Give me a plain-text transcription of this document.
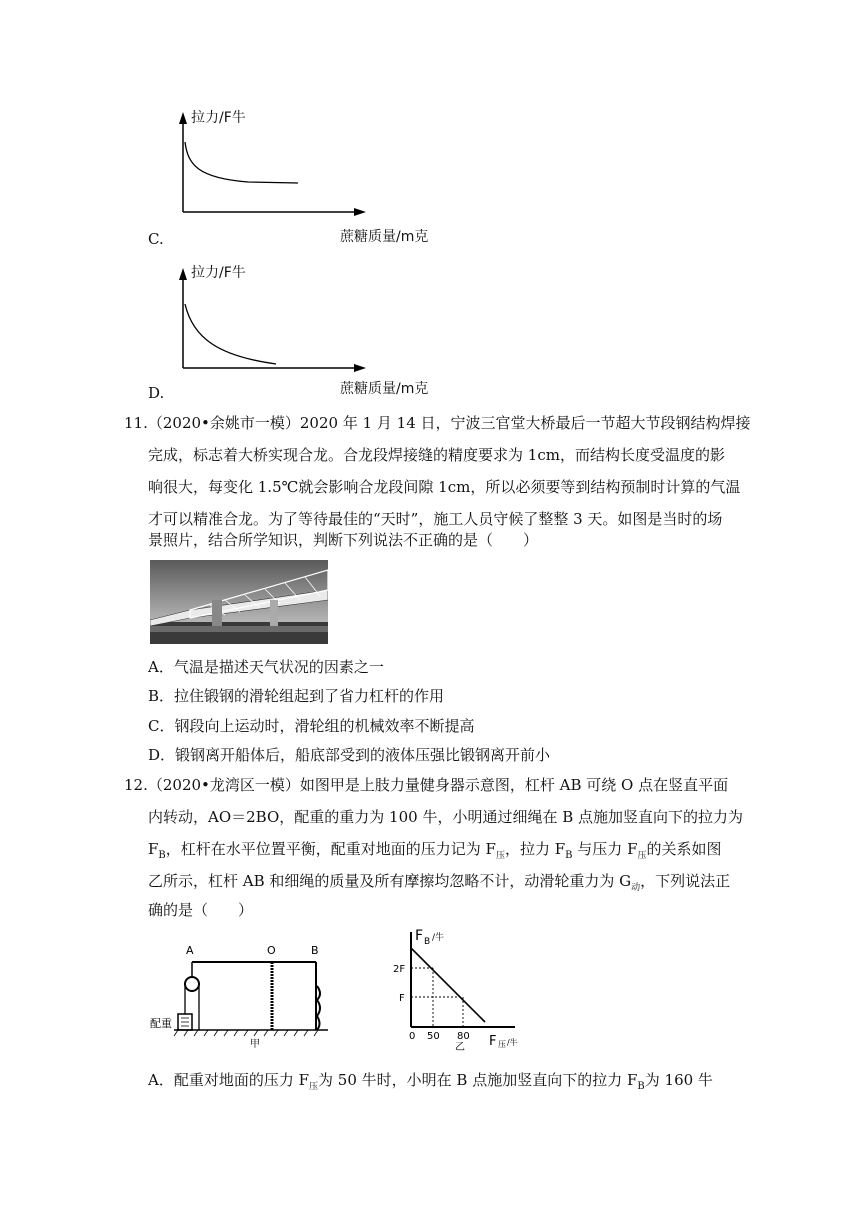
拉力/F牛
蔗糖质量/m克
C.
拉力/F牛
蔗糖质量/m克
D.
11.（2020•余姚市一模）2020 年 1 月 14 日，宁波三官堂大桥最后一节超大节段钢结构焊接
完成，标志着大桥实现合龙。合龙段焊接缝的精度要求为 1cm，而结构长度受温度的影
响很大，每变化 1.5℃就会影响合龙段间隙 1cm，所以必须要等到结构预制时计算的气温
才可以精准合龙。为了等待最佳的“天时”，施工人员守候了整整 3 天。如图是当时的场
景照片，结合所学知识，判断下列说法不正确的是（　　）
A．气温是描述天气状况的因素之一
B．拉住锻钢的滑轮组起到了省力杠杆的作用
C．钢段向上运动时，滑轮组的机械效率不断提高
D．锻钢离开船体后，船底部受到的液体压强比锻钢离开前小
12.（2020•龙湾区一模）如图甲是上肢力量健身器示意图，杠杆 AB 可绕 O 点在竖直平面
内转动，AO＝2BO，配重的重力为 100 牛，小明通过细绳在 B 点施加竖直向下的拉力为
$F_B$，杠杆在水平位置平衡，配重对地面的压力记为 $F_压$，拉力 $F_B$ 与压力 $F_压$的关系如图
乙所示，杠杆 AB 和细绳的质量及所有摩擦均忽略不计，动滑轮重力为 $G_动$，下列说法正
确的是（　　）
A	O	B
配重
甲
F B /牛
2F
F
0 50 80
乙 F 压 /牛
A．配重对地面的压力 $F_压$为 50 牛时，小明在 B 点施加竖直向下的拉力 $F_B$为 160 牛
